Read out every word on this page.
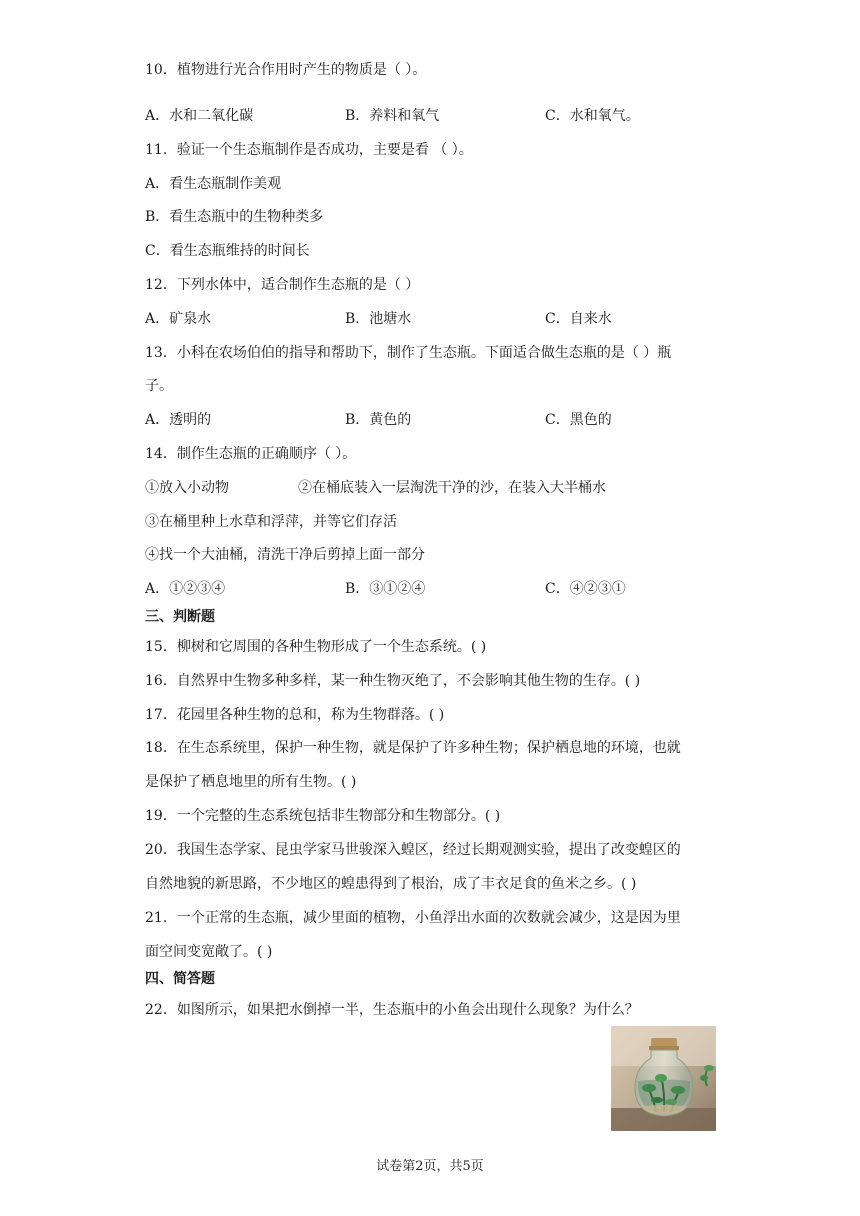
10．植物进行光合作用时产生的物质是（ ）。
A．水和二氧化碳	B．养料和氧气	C．水和氧气。
11．验证一个生态瓶制作是否成功，主要是看 （ ）。
A．看生态瓶制作美观
B．看生态瓶中的生物种类多
C．看生态瓶维持的时间长
12．下列水体中，适合制作生态瓶的是（ ）
A．矿泉水	B．池塘水	C．自来水
13．小科在农场伯伯的指导和帮助下，制作了生态瓶。下面适合做生态瓶的是（ ）瓶
子。
A．透明的	B．黄色的	C．黑色的
14．制作生态瓶的正确顺序（ ）。
①放入小动物	②在桶底装入一层淘洗干净的沙，在装入大半桶水
③在桶里种上水草和浮萍，并等它们存活
④找一个大油桶，清洗干净后剪掉上面一部分
A．①②③④	B．③①②④	C．④②③①
三、判断题
15．柳树和它周围的各种生物形成了一个生态系统。( )
16．自然界中生物多种多样，某一种生物灭绝了，不会影响其他生物的生存。( )
17．花园里各种生物的总和，称为生物群落。( )
18．在生态系统里，保护一种生物，就是保护了许多种生物；保护栖息地的环境，也就
是保护了栖息地里的所有生物。( )
19．一个完整的生态系统包括非生物部分和生物部分。( )
20．我国生态学家、昆虫学家马世骏深入蝗区，经过长期观测实验，提出了改变蝗区的
自然地貌的新思路，不少地区的蝗患得到了根治，成了丰衣足食的鱼米之乡。( )
21．一个正常的生态瓶，减少里面的植物，小鱼浮出水面的次数就会减少，这是因为里
面空间变宽敞了。( )
四、简答题
22．如图所示，如果把水倒掉一半，生态瓶中的小鱼会出现什么现象？为什么？
试卷第2页，共5页
